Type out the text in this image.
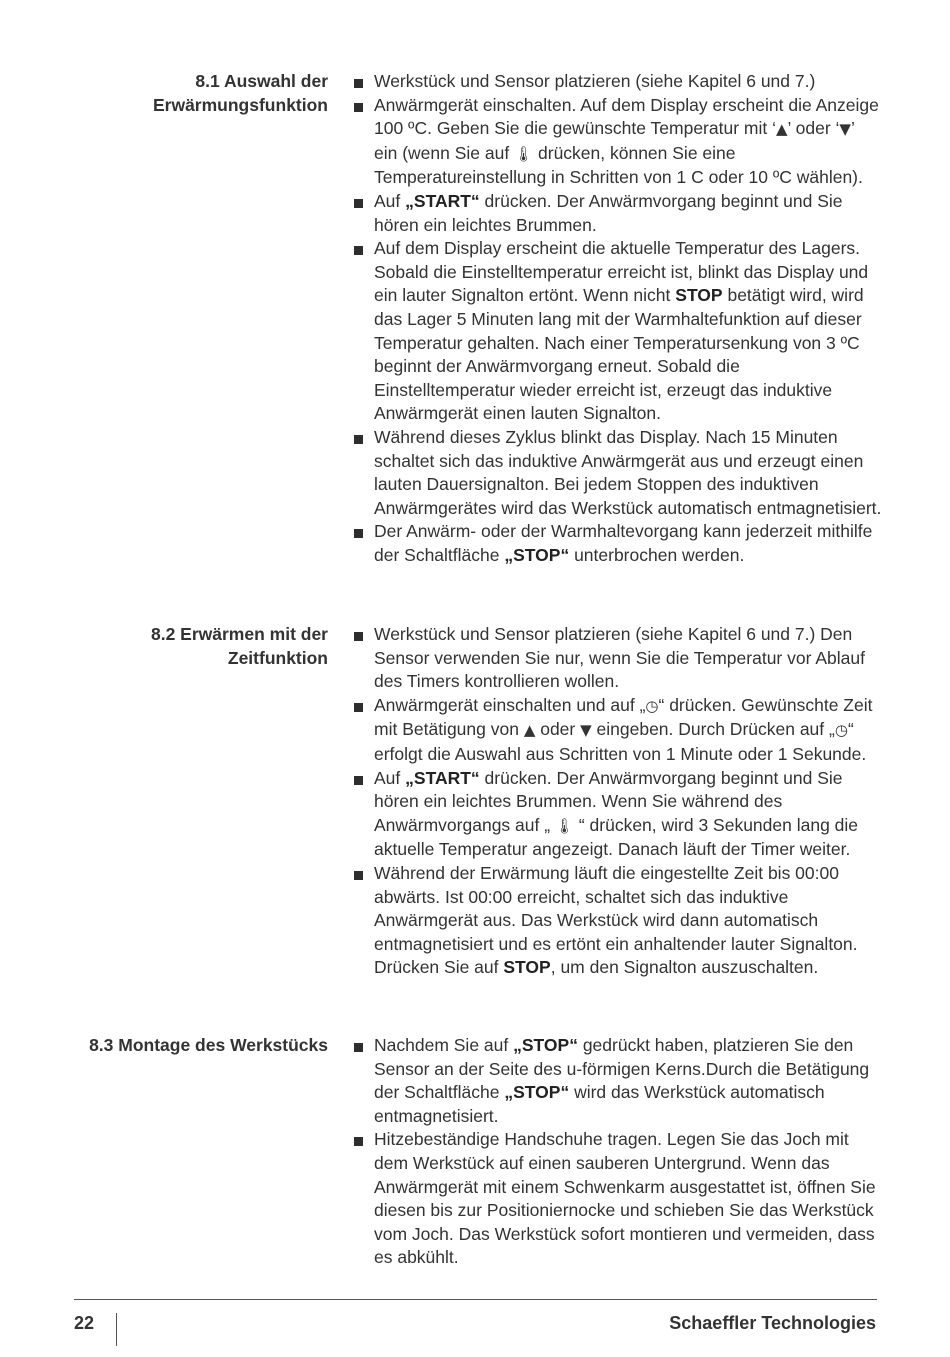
8.1 Auswahl der
Erwärmungsfunktion
Werkstück und Sensor platzieren (siehe Kapitel 6 und 7.)
Anwärmgerät einschalten. Auf dem Display erscheint die Anzeige 100 ºC. Geben Sie die gewünschte Temperatur mit ‘▲’ oder ‘▼’ ein (wenn Sie auf 🌡 drücken, können Sie eine Temperatureinstellung in Schritten von 1 C oder 10 ºC wählen).
Auf „START“ drücken. Der Anwärmvorgang beginnt und Sie hören ein leichtes Brummen.
Auf dem Display erscheint die aktuelle Temperatur des Lagers. Sobald die Einstelltemperatur erreicht ist, blinkt das Display und ein lauter Signalton ertönt. Wenn nicht STOP betätigt wird, wird das Lager 5 Minuten lang mit der Warmhaltefunktion auf dieser Temperatur gehalten. Nach einer Temperatursenkung von 3 ºC beginnt der Anwärmvorgang erneut. Sobald die Einstelltemperatur wieder erreicht ist, erzeugt das induktive Anwärmgerät einen lauten Signalton.
Während dieses Zyklus blinkt das Display. Nach 15 Minuten schaltet sich das induktive Anwärmgerät aus und erzeugt einen lauten Dauersignalton. Bei jedem Stoppen des induktiven Anwärmgerätes wird das Werkstück automatisch entmagnetisiert.
Der Anwärm- oder der Warmhaltevorgang kann jederzeit mithilfe der Schaltfläche „STOP“ unterbrochen werden.
8.2 Erwärmen mit der
Zeitfunktion
Werkstück und Sensor platzieren (siehe Kapitel 6 und 7.) Den Sensor verwenden Sie nur, wenn Sie die Temperatur vor Ablauf des Timers kontrollieren wollen.
Anwärmgerät einschalten und auf „◷“ drücken. Gewünschte Zeit mit Betätigung von ▲ oder ▼ eingeben. Durch Drücken auf „◷“ erfolgt die Auswahl aus Schritten von 1 Minute oder 1 Sekunde.
Auf „START“ drücken. Der Anwärmvorgang beginnt und Sie hören ein leichtes Brummen. Wenn Sie während des Anwärmvorgangs auf „ 🌡 “ drücken, wird 3 Sekunden lang die aktuelle Temperatur angezeigt. Danach läuft der Timer weiter.
Während der Erwärmung läuft die eingestellte Zeit bis 00:00 abwärts. Ist 00:00 erreicht, schaltet sich das induktive Anwärmgerät aus. Das Werkstück wird dann automatisch entmagnetisiert und es ertönt ein anhaltender lauter Signalton. Drücken Sie auf STOP, um den Signalton auszuschalten.
8.3 Montage des Werkstücks	Nachdem Sie auf „STOP“ gedrückt haben, platzieren Sie den Sensor an der Seite des u-förmigen Kerns.Durch die Betätigung der Schaltfläche „STOP“ wird das Werkstück automatisch entmagnetisiert.
Hitzebeständige Handschuhe tragen. Legen Sie das Joch mit dem Werkstück auf einen sauberen Untergrund. Wenn das Anwärmgerät mit einem Schwenkarm ausgestattet ist, öffnen Sie diesen bis zur Positioniernocke und schieben Sie das Werkstück vom Joch. Das Werkstück sofort montieren und vermeiden, dass es abkühlt.
22	Schaeffler Technologies
